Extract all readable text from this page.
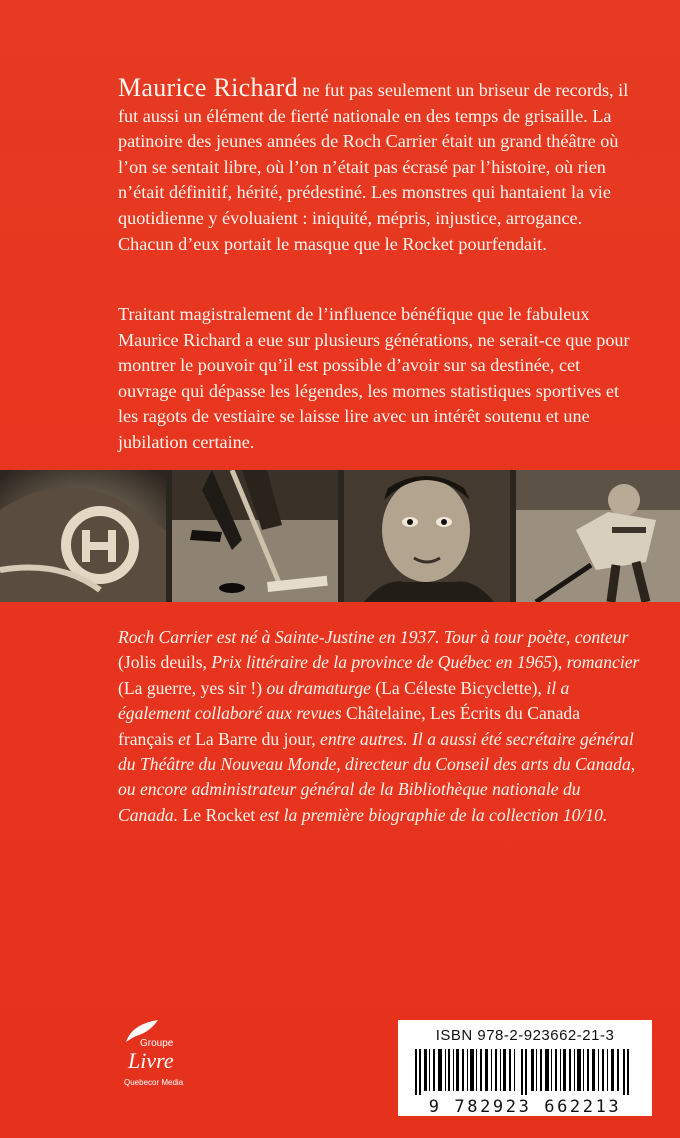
Maurice Richard ne fut pas seulement un briseur de records, il fut aussi un élément de fierté nationale en des temps de grisaille. La patinoire des jeunes années de Roch Carrier était un grand théâtre où l’on se sentait libre, où l’on n’était pas écrasé par l’histoire, où rien n’était définitif, hérité, prédestiné. Les monstres qui hantaient la vie quotidienne y évoluaient : iniquité, mépris, injustice, arrogance. Chacun d’eux portait le masque que le Rocket pourfendait.
Traitant magistralement de l’influence bénéfique que le fabuleux Maurice Richard a eue sur plusieurs générations, ne serait-ce que pour montrer le pouvoir qu’il est possible d’avoir sur sa destinée, cet ouvrage qui dépasse les légendes, les mornes statistiques sportives et les ragots de vestiaire se laisse lire avec un intérêt soutenu et une jubilation certaine.
Roch Carrier est né à Sainte-Justine en 1937. Tour à tour poète, conteur (Jolis deuils, Prix littéraire de la province de Québec en 1965), romancier (La guerre, yes sir !) ou dramaturge (La Céleste Bicyclette), il a également collaboré aux revues Châtelaine, Les Écrits du Canada français et La Barre du jour, entre autres. Il a aussi été secrétaire général du Théâtre du Nouveau Monde, directeur du Conseil des arts du Canada, ou encore administrateur général de la Bibliothèque nationale du Canada. Le Rocket est la première biographie de la collection 10/10.
Groupe
Livre
Quebecor Media
ISBN 978-2-923662-21-3
9 782923 662213
